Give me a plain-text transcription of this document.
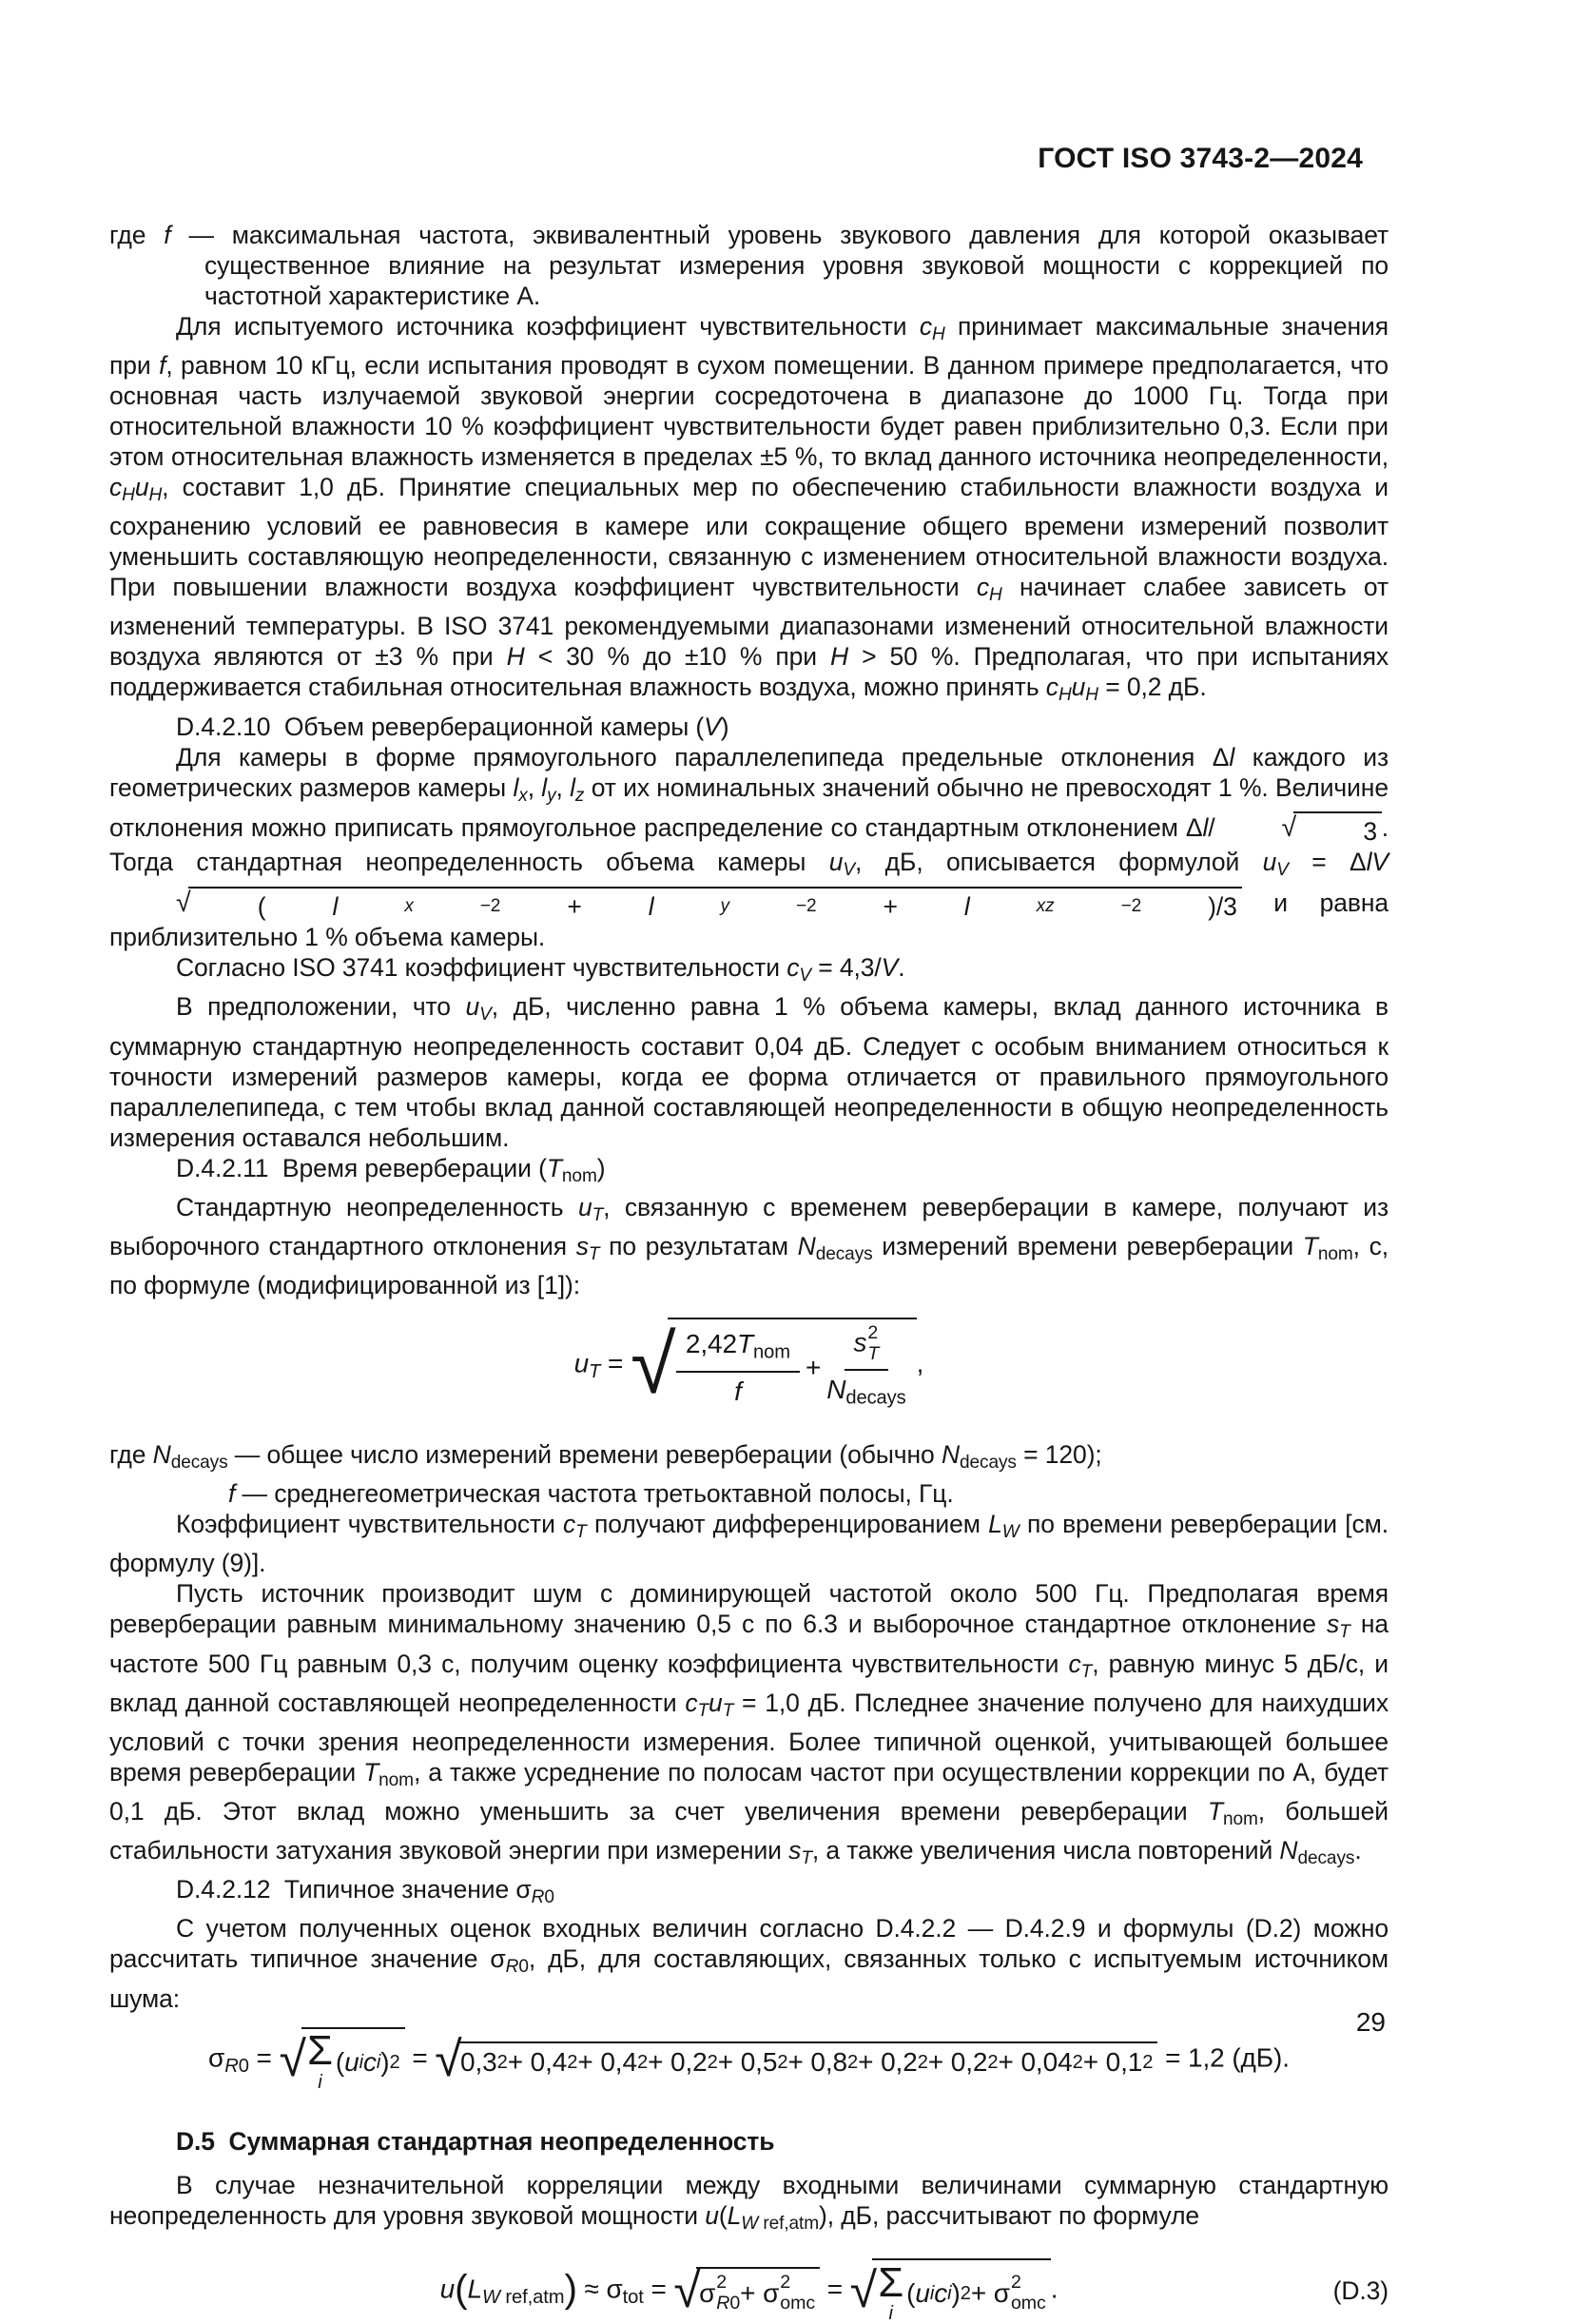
ГОСТ ISO 3743-2—2024
где f — максимальная частота, эквивалентный уровень звукового давления для которой оказывает существенное влияние на результат измерения уровня звуковой мощности с коррекцией по частотной характеристике А.
Для испытуемого источника коэффициент чувствительности cH принимает максимальные значения при f, равном 10 кГц, если испытания проводят в сухом помещении. В данном примере предполагается, что основная часть излучаемой звуковой энергии сосредоточена в диапазоне до 1000 Гц. Тогда при относительной влажности 10 % коэффициент чувствительности будет равен приблизительно 0,3. Если при этом относительная влажность изменяется в пределах ±5 %, то вклад данного источника неопределенности, cHuH, составит 1,0 дБ. Принятие специальных мер по обеспечению стабильности влажности воздуха и сохранению условий ее равновесия в камере или сокращение общего времени измерений позволит уменьшить составляющую неопределенности, связанную с изменением относительной влажности воздуха. При повышении влажности воздуха коэффициент чувствительности cH начинает слабее зависеть от изменений температуры. В ISO 3741 рекомендуемыми диапазонами изменений относительной влажности воздуха являются от ±3 % при H < 30 % до ±10 % при H > 50 %. Предполагая, что при испытаниях поддерживается стабильная относительная влажность воздуха, можно принять cHuH = 0,2 дБ.
D.4.2.10  Объем реверберационной камеры (V)
Для камеры в форме прямоугольного параллелепипеда предельные отклонения Δl каждого из геометрических размеров камеры lx, ly, lz от их номинальных значений обычно не превосходят 1 %. Величине отклонения можно приписать прямоугольное распределение со стандартным отклонением Δl/	√	3 . Тогда стандартная неопределенность объема камеры uV, дБ, описывается формулой uV = ΔlV
√	(	l	x	−2	+	l	y	−2	+	l	xz	−2	)/3 и равна приблизительно 1 % объема камеры.
Согласно ISO 3741 коэффициент чувствительности cV = 4,3/V.
В предположении, что uV, дБ, численно равна 1 % объема камеры, вклад данного источника в суммарную стандартную неопределенность составит 0,04 дБ. Следует с особым вниманием относиться к точности измерений размеров камеры, когда ее форма отличается от правильного прямоугольного параллелепипеда, с тем чтобы вклад данной составляющей неопределенности в общую неопределенность измерения оставался небольшим.
D.4.2.11  Время реверберации (Tnom)
Стандартную неопределенность uT, связанную с временем реверберации в камере, получают из выборочного стандартного отклонения sT по результатам Ndecays измерений времени реверберации Tnom, с, по формуле (модифицированной из [1]):
uT = √ $\frac{\text{2,42Tnom}}{f} + s$ 2
T
Ndecays ,
где Ndecays — общее число измерений времени реверберации (обычно Ndecays = 120);
f — среднегеометрическая частота третьоктавной полосы, Гц.
Коэффициент чувствительности cT получают дифференцированием LW по времени реверберации [см. формулу (9)].
Пусть источник производит шум с доминирующей частотой около 500 Гц. Предполагая время реверберации равным минимальному значению 0,5 с по 6.3 и выборочное стандартное отклонение sT на частоте 500 Гц равным 0,3 с, получим оценку коэффициента чувствительности cT, равную минус 5 дБ/с, и вклад данной составляющей неопределенности cTuT = 1,0 дБ. Пследнее значение получено для наихудших условий с точки зрения неопределенности измерения. Более типичной оценкой, учитывающей большее время реверберации Tnom, а также усреднение по полосам частот при осуществлении коррекции по А, будет 0,1 дБ. Этот вклад можно уменьшить за счет увеличения времени реверберации Tnom, большей стабильности затухания звуковой энергии при измерении sT, а также увеличения числа повторений Ndecays.
D.4.2.12  Типичное значение σR0
С учетом полученных оценок входных величин согласно D.4.2.2 — D.4.2.9 и формулы (D.2) можно рассчитать типичное значение σR0, дБ, для составляющих, связанных только с испытуемым источником шума:
σR0 = √ Σ
i
( u i c i ) 2 = √
0,3 2 + 0,4 2 + 0,4 2 + 0,2 2 + 0,5 2 + 0,8 2 + 0,2 2 + 0,2 2 + 0,04 2 + 0,1 2 = 1,2 (дБ).
D.5  Суммарная стандартная неопределенность
В случае незначительной корреляции между входными величинами суммарную стандартную неопределенность для уровня звуковой мощности u(LW ref,atm), дБ, рассчитывают по формуле
u(LW ref,atm) ≈ σtot = √
σ 2
R0 + σ 2
omc = √ Σ
i
( u i c i ) 2 + σ 2
omc .	(D.3)
29
